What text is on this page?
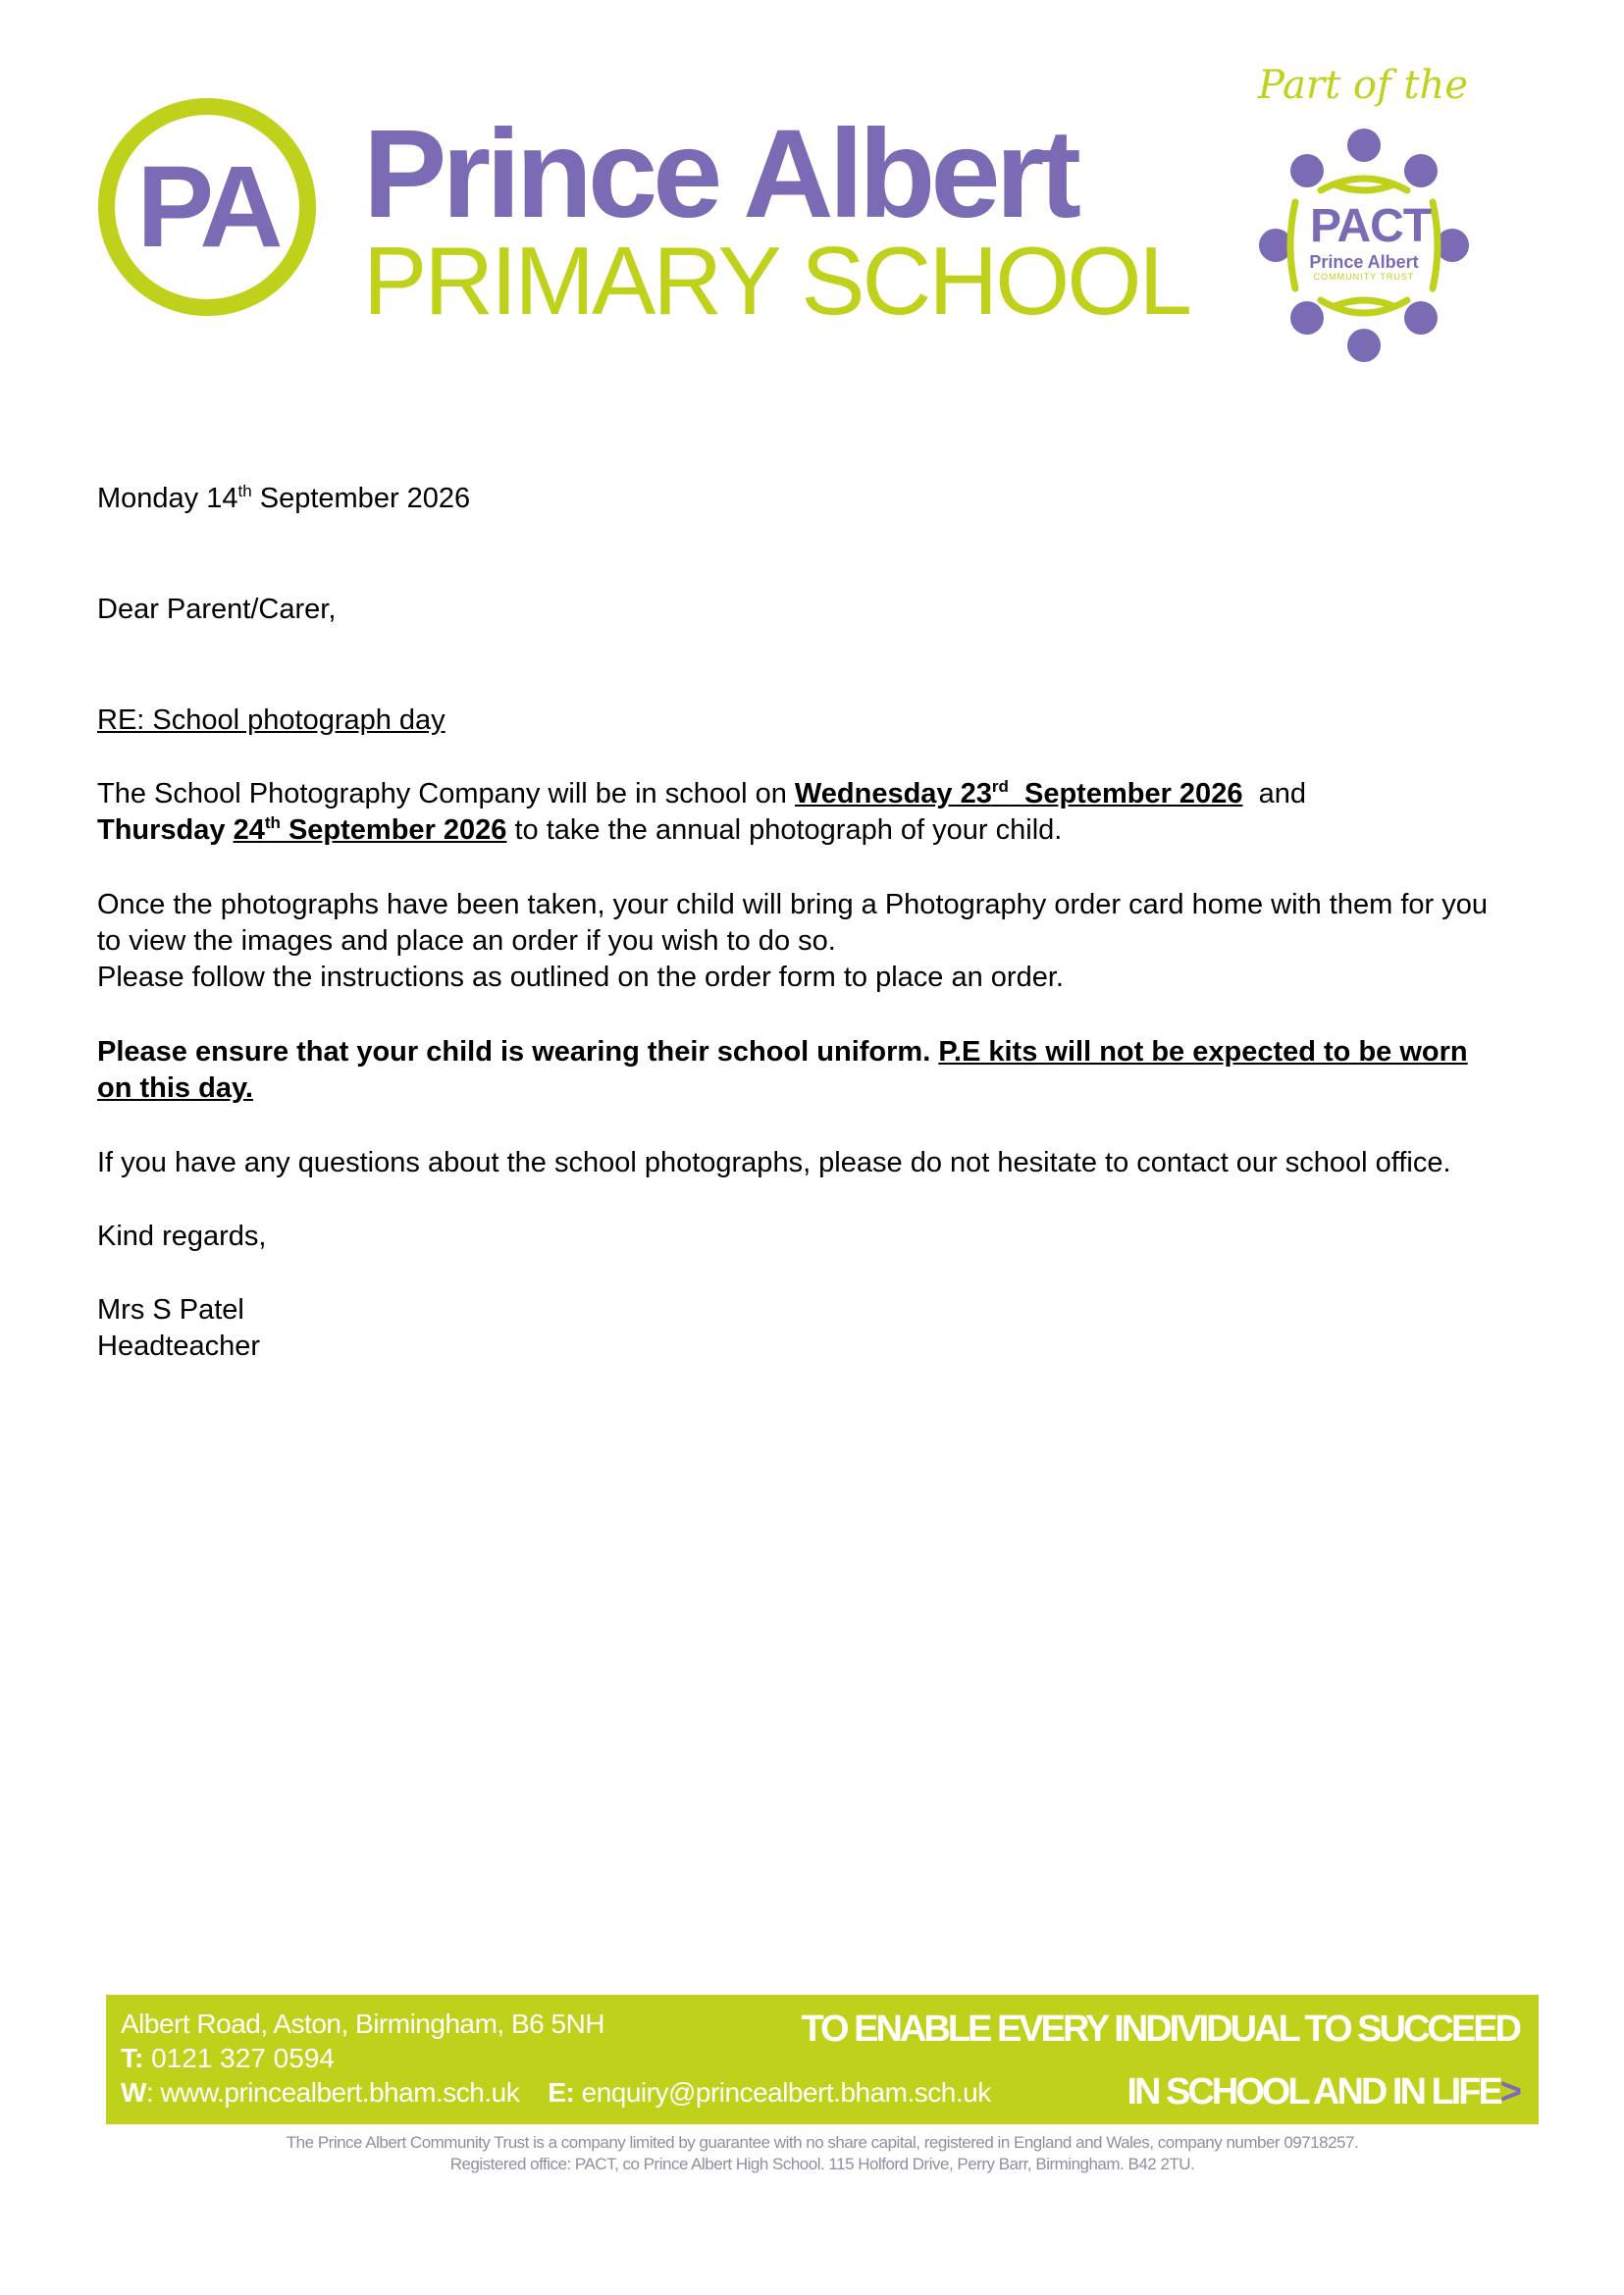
PA Prince Albert
PRIMARY SCHOOL
Part of the
PACT
Prince Albert
COMMUNITY TRUST

Monday 14th September 2026

Dear Parent/Carer,

RE: School photograph day

The School Photography Company will be in school on Wednesday 23rd  September 2026  and
Thursday 24th September 2026 to take the annual photograph of your child.

Once the photographs have been taken, your child will bring a Photography order card home with them for you to view the images and place an order if you wish to do so.
Please follow the instructions as outlined on the order form to place an order.

Please ensure that your child is wearing their school uniform. P.E kits will not be expected to be worn on this day.

If you have any questions about the school photographs, please do not hesitate to contact our school office.

Kind regards,

Mrs S Patel
Headteacher

Albert Road, Aston, Birmingham, B6 5NH
T: 0121 327 0594
W: www.princealbert.bham.sch.uk E: enquiry@princealbert.bham.sch.uk
TO ENABLE EVERY INDIVIDUAL TO SUCCEED
IN SCHOOL AND IN LIFE>
The Prince Albert Community Trust is a company limited by guarantee with no share capital, registered in England and Wales, company number 09718257.
Registered office: PACT, co Prince Albert High School. 115 Holford Drive, Perry Barr, Birmingham. B42 2TU.
